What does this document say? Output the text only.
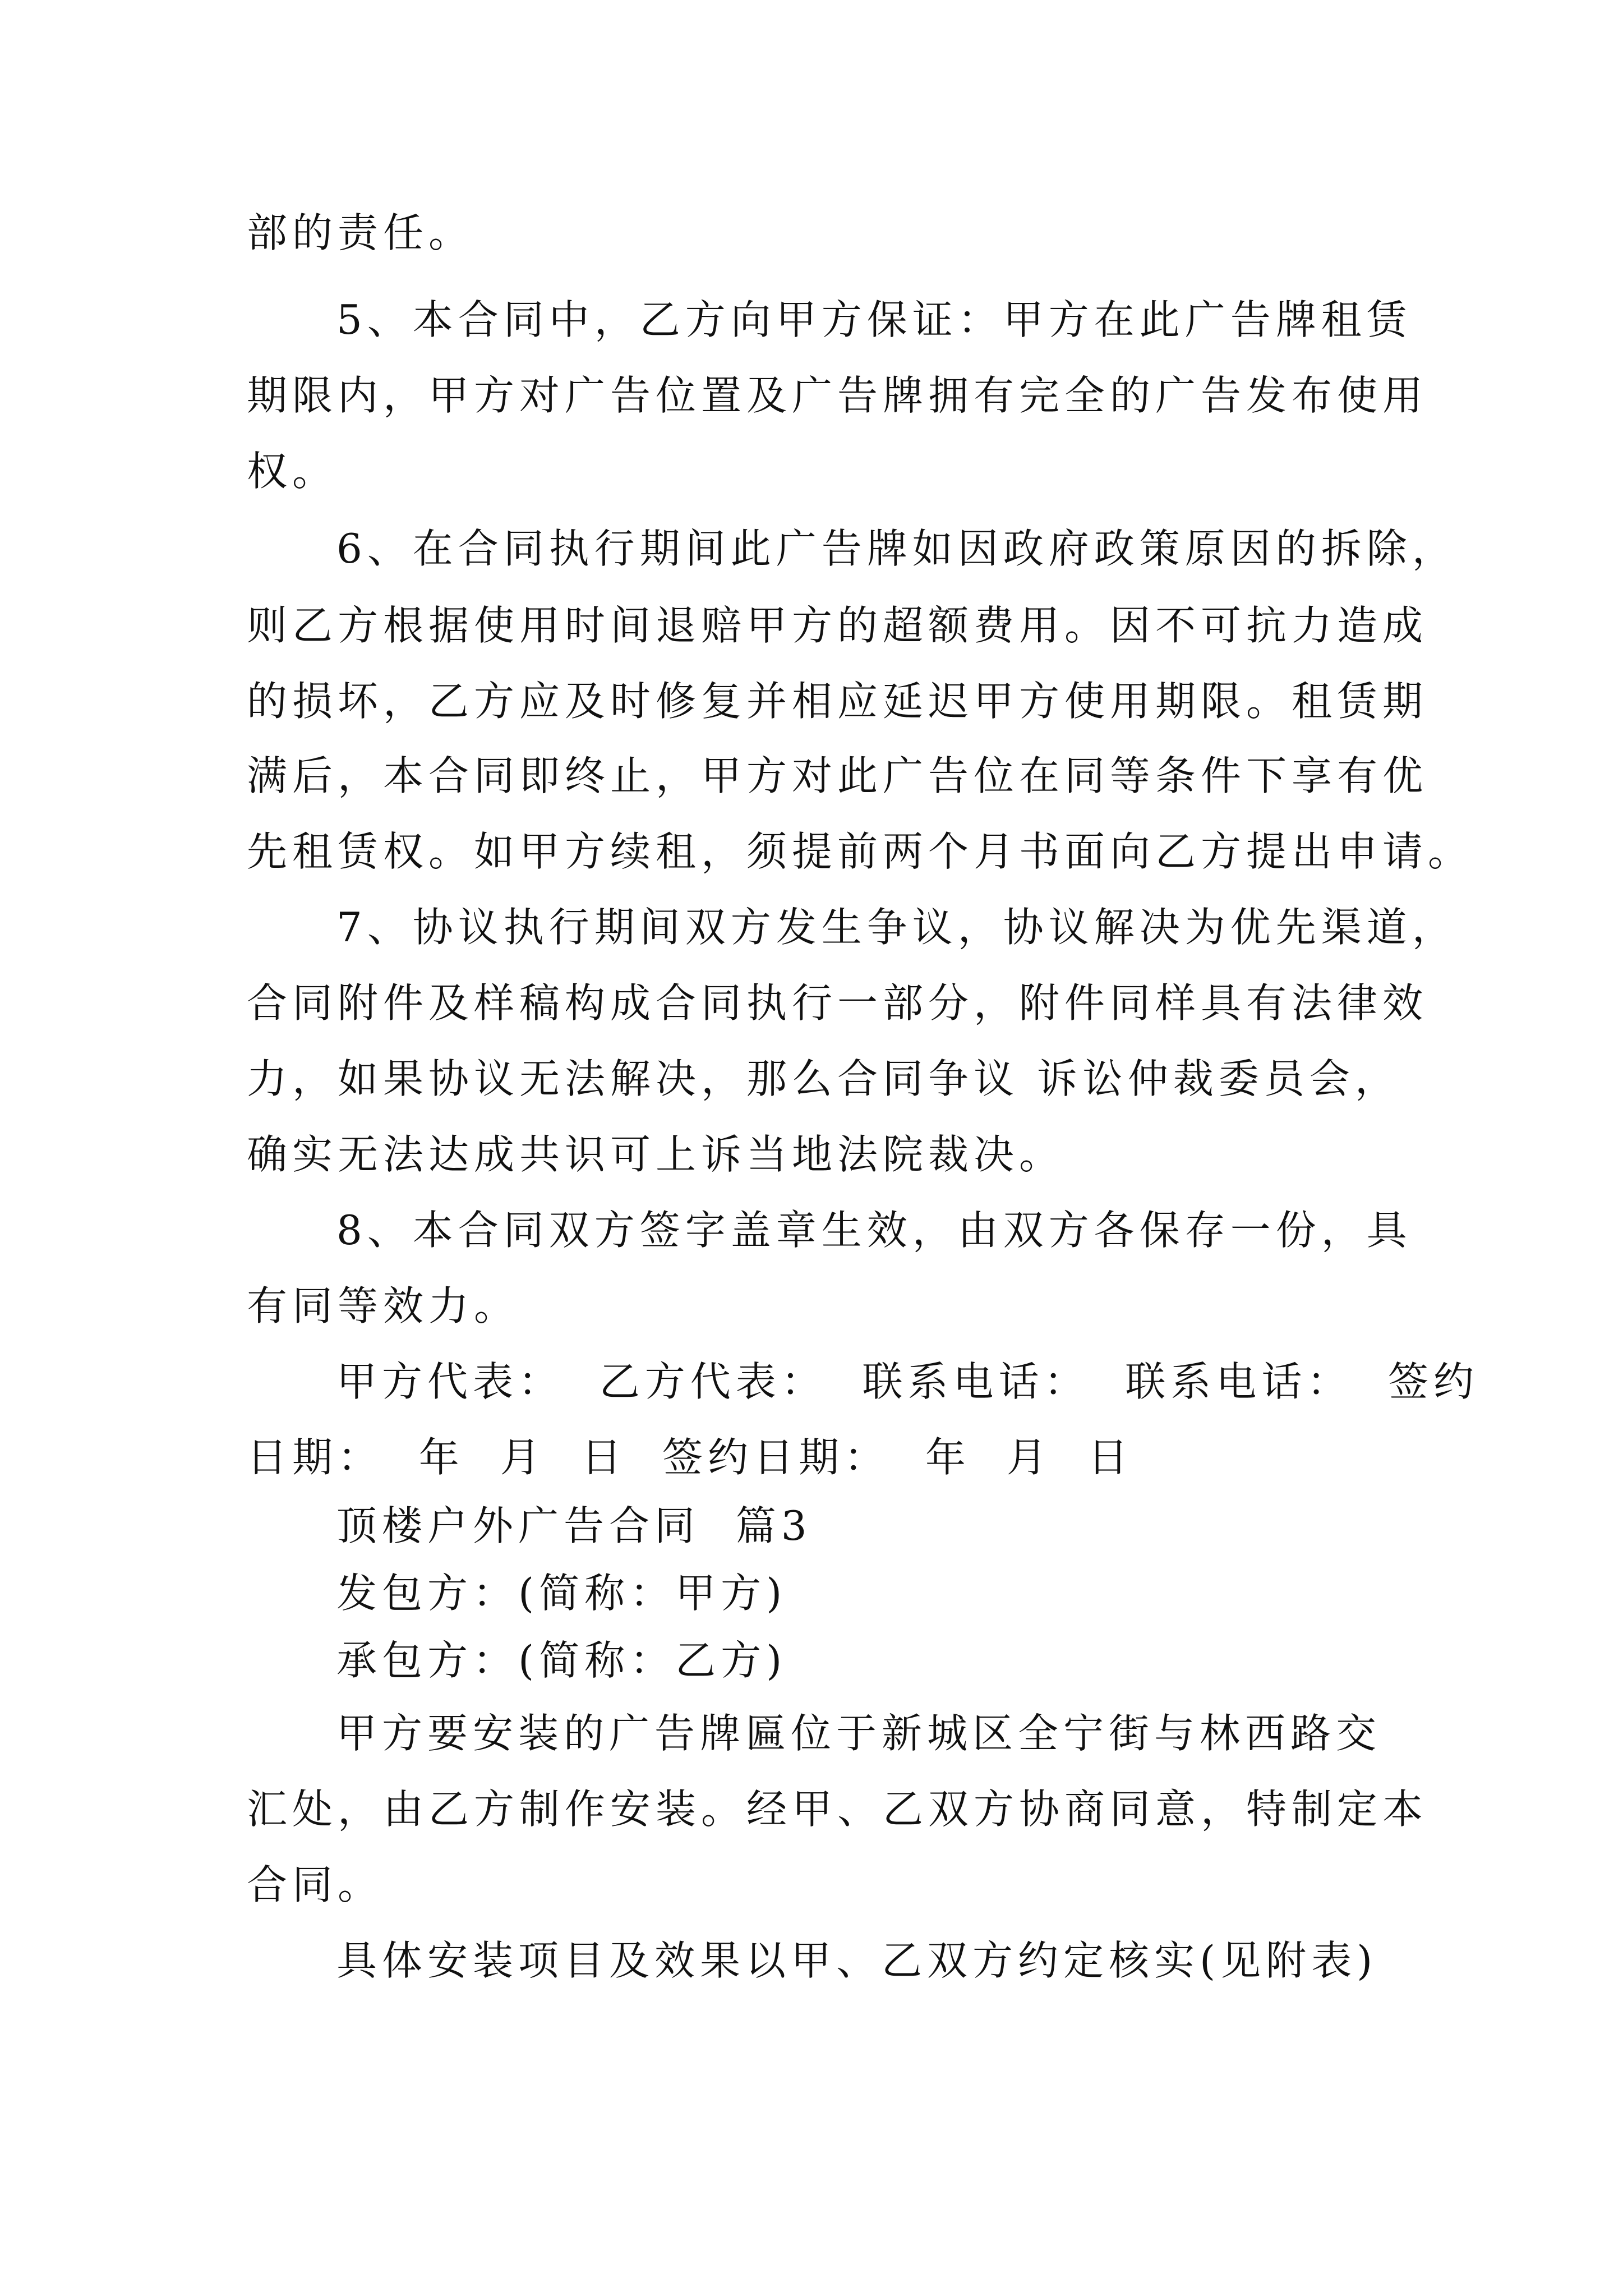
部的责任。
5、本合同中，乙方向甲方保证：甲方在此广告牌租赁
期限内，甲方对广告位置及广告牌拥有完全的广告发布使用
权。
6、在合同执行期间此广告牌如因政府政策原因的拆除，
则乙方根据使用时间退赔甲方的超额费用。因不可抗力造成
的损坏，乙方应及时修复并相应延迟甲方使用期限。租赁期
满后，本合同即终止，甲方对此广告位在同等条件下享有优
先租赁权。如甲方续租，须提前两个月书面向乙方提出申请。
7、协议执行期间双方发生争议，协议解决为优先渠道，
合同附件及样稿构成合同执行一部分，附件同样具有法律效
力，如果协议无法解决，那么合同争议 诉讼仲裁委员会，
确实无法达成共识可上诉当地法院裁决。
8、本合同双方签字盖章生效，由双方各保存一份，具
有同等效力。
甲方代表：  乙方代表：  联系电话：  联系电话：  签约
日期：  年  月  日  签约日期：  年  月  日
顶楼户外广告合同  篇3
发包方：(简称：甲方)
承包方：(简称：乙方)
甲方要安装的广告牌匾位于新城区全宁街与林西路交
汇处，由乙方制作安装。经甲、乙双方协商同意，特制定本
合同。
具体安装项目及效果以甲、乙双方约定核实(见附表)
